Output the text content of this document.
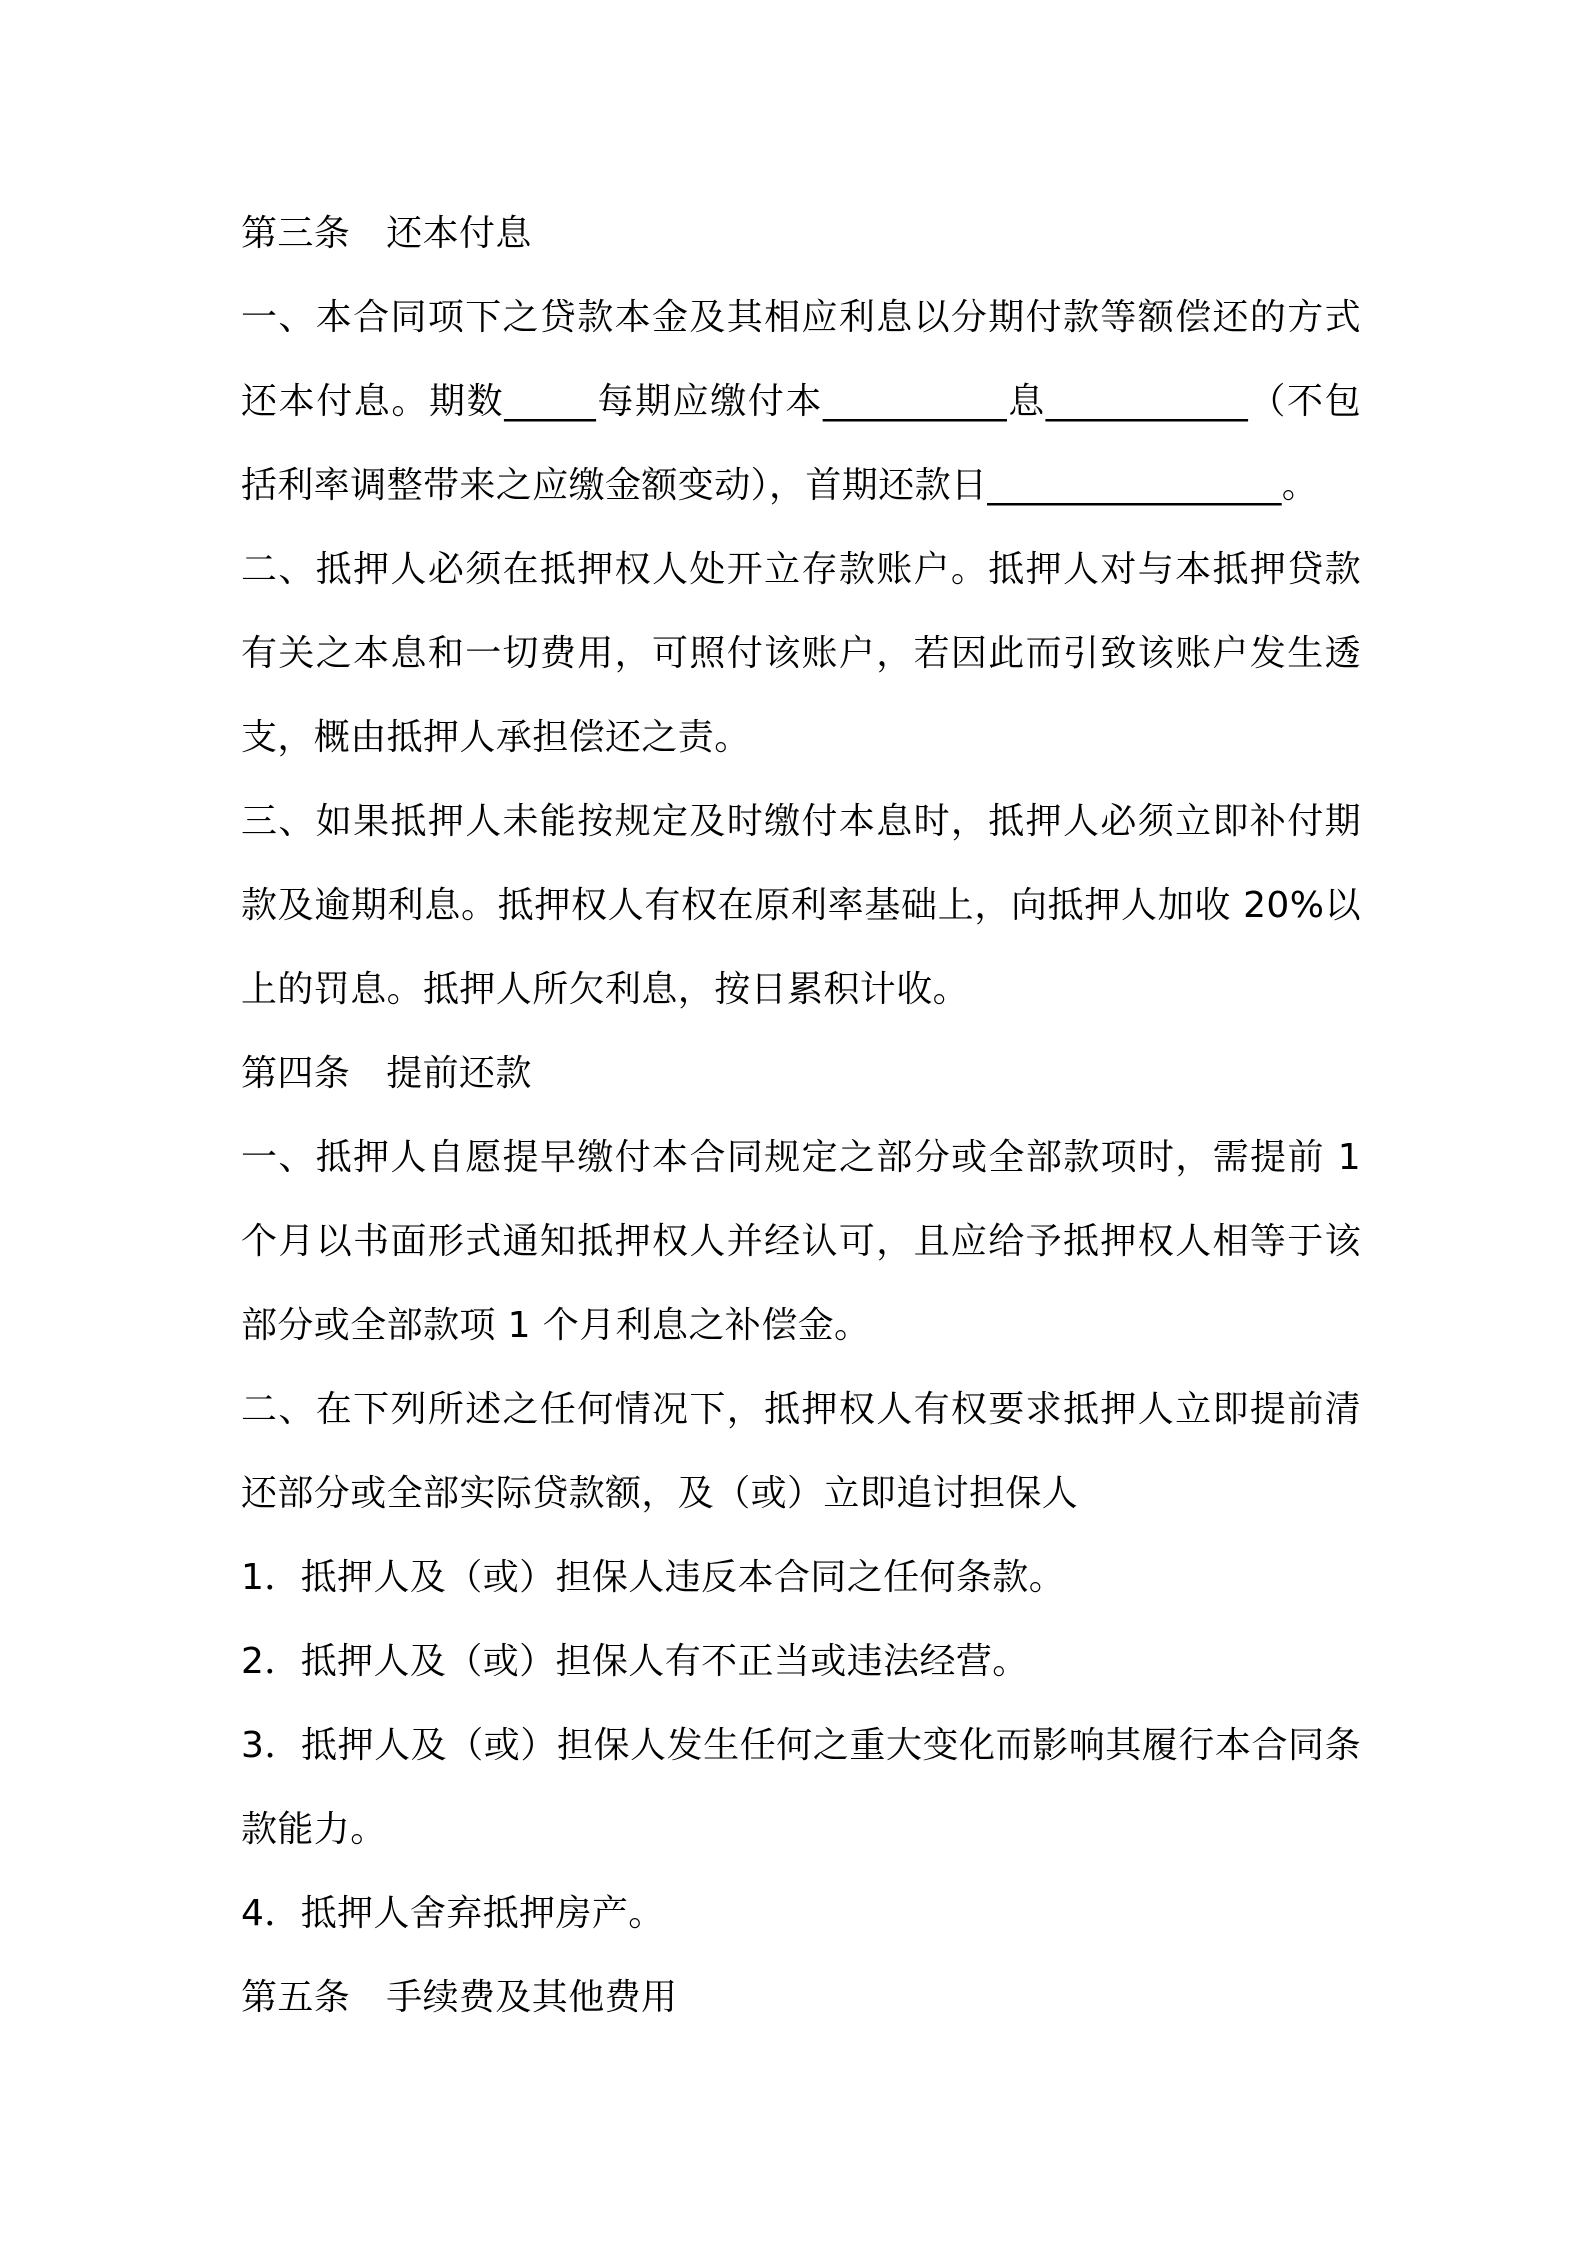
第三条 还本付息

一、本合同项下之贷款本金及其相应利息以分期付款等额偿还的方式还本付息。期数_____每期应缴付本__________息___________（不包括利率调整带来之应缴金额变动），首期还款日________________。

二、抵押人必须在抵押权人处开立存款账户。抵押人对与本抵押贷款有关之本息和一切费用，可照付该账户，若因此而引致该账户发生透支，概由抵押人承担偿还之责。

三、如果抵押人未能按规定及时缴付本息时，抵押人必须立即补付期款及逾期利息。抵押权人有权在原利率基础上，向抵押人加收 20%以上的罚息。抵押人所欠利息，按日累积计收。

第四条 提前还款

一、抵押人自愿提早缴付本合同规定之部分或全部款项时，需提前 1个月以书面形式通知抵押权人并经认可，且应给予抵押权人相等于该部分或全部款项 1 个月利息之补偿金。

二、在下列所述之任何情况下，抵押权人有权要求抵押人立即提前清还部分或全部实际贷款额，及（或）立即追讨担保人

1．抵押人及（或）担保人违反本合同之任何条款。

2．抵押人及（或）担保人有不正当或违法经营。

3．抵押人及（或）担保人发生任何之重大变化而影响其履行本合同条款能力。

4．抵押人舍弃抵押房产。

第五条 手续费及其他费用
